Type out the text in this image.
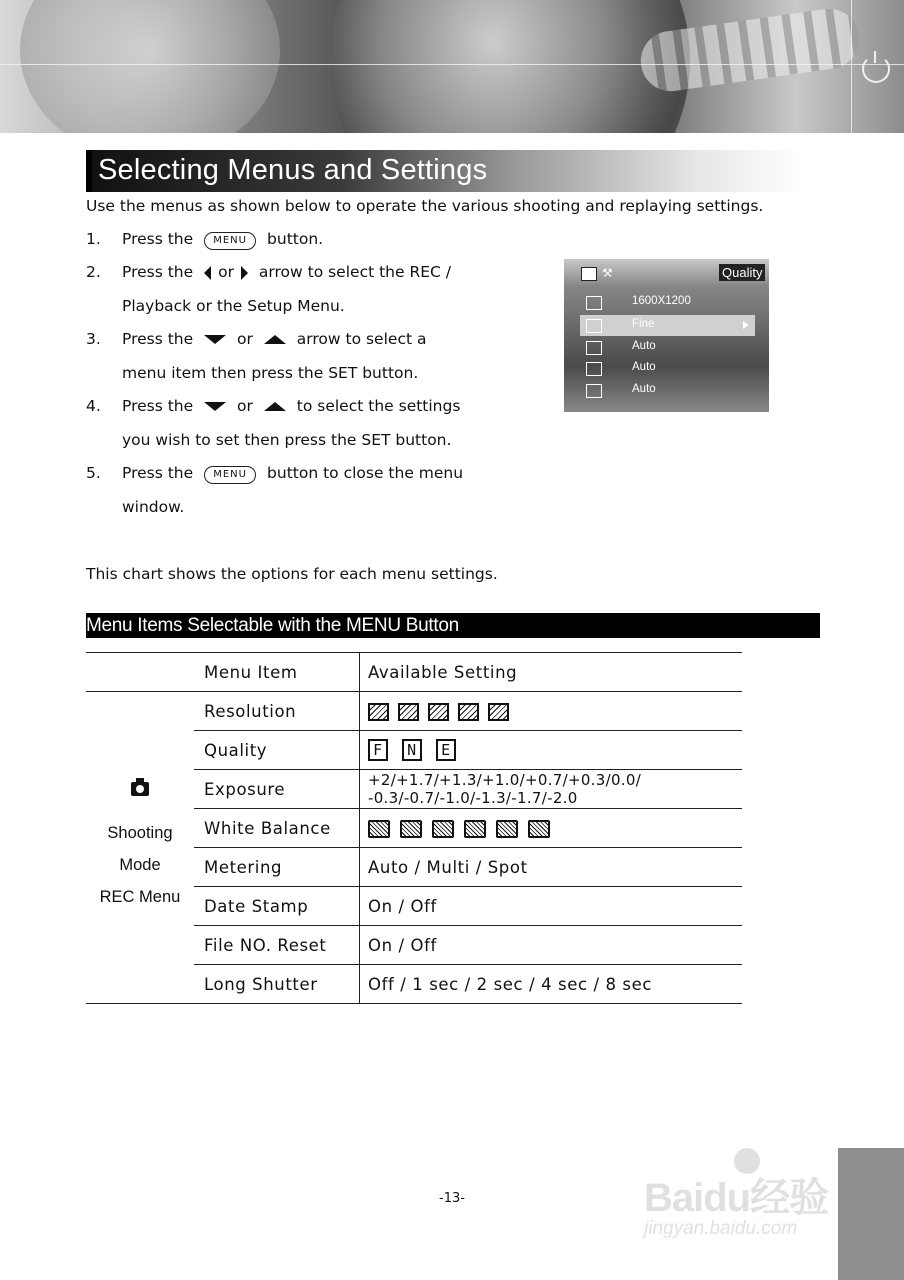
Selecting Menus and Settings
Use the menus as shown below to operate the various shooting and replaying settings.
1. Press the MENU button.
2. Press the or arrow to select the REC /
Playback or the Setup Menu.
3. Press the	or	arrow to select a
menu item then press the SET button.
4. Press the	or	to select the settings
you wish to set then press the SET button.
5. Press the MENU button to close the menu
window.
⚒	Quality
1600X1200
Fine
Auto
Auto
Auto
This chart shows the options for each menu settings.
Menu Items Selectable with the MENU Button
	Menu Item	Available Setting

Shooting
Mode
REC Menu	Resolution	
	Quality	F N E
	Exposure	+2/+1.7/+1.3/+1.0/+0.7/+0.3/0.0/
-0.3/-0.7/-1.0/-1.3/-1.7/-2.0
	White Balance	
	Metering	Auto / Multi / Spot
	Date Stamp	On / Off
	File NO. Reset	On / Off
	Long Shutter	Off / 1 sec / 2 sec / 4 sec / 8 sec
-13-	Baidu经验
jingyan.baidu.com
